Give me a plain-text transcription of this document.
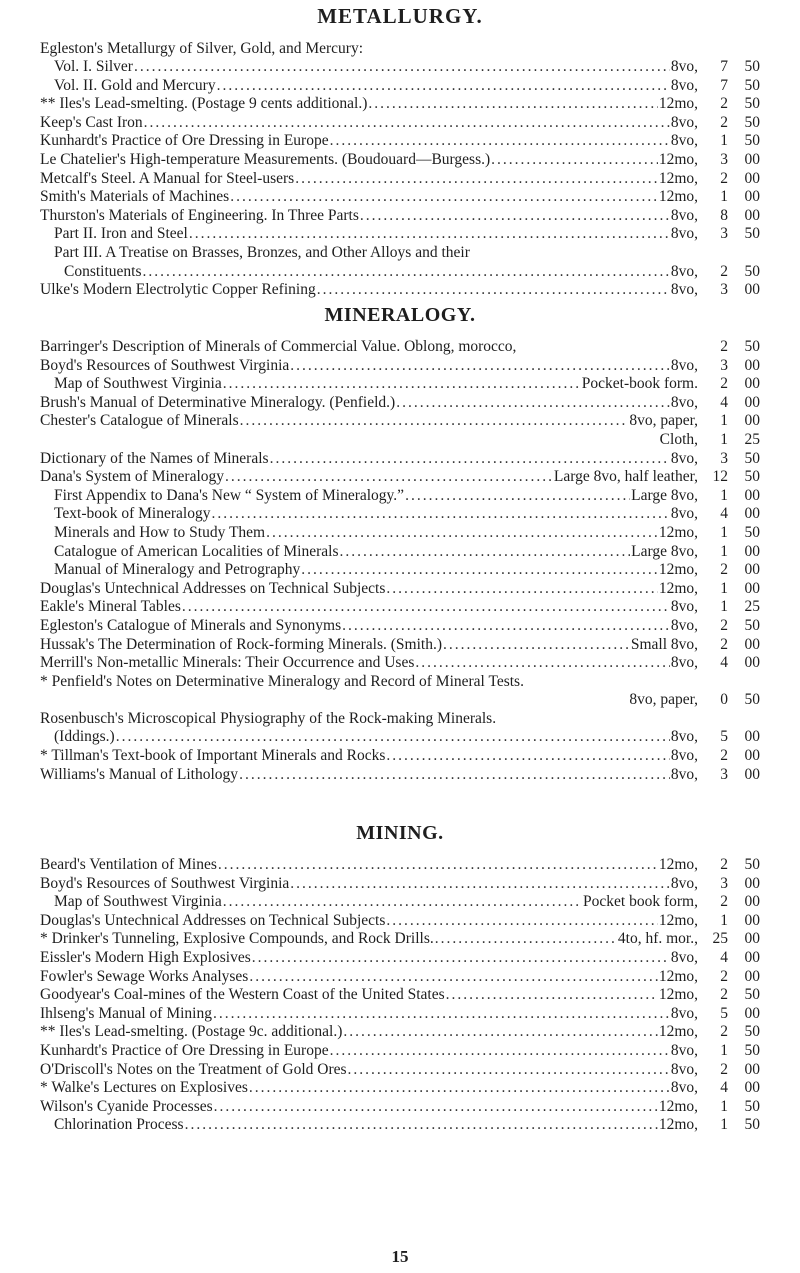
METALLURGY.
Egleston's Metallurgy of Silver, Gold, and Mercury:
Vol. I. Silver .....	8vo,	7 50
Vol. II. Gold and Mercury .....	8vo,	7 50
** Iles's Lead-smelting. (Postage 9 cents additional.) .....	12mo,	2 50
Keep's Cast Iron .....	8vo,	2 50
Kunhardt's Practice of Ore Dressing in Europe .....	8vo,	1 50
Le Chatelier's High-temperature Measurements. (Boudouard—Burgess.) .....	12mo,	3 00
Metcalf's Steel. A Manual for Steel-users .....	12mo,	2 00
Smith's Materials of Machines .....	12mo,	1 00
Thurston's Materials of Engineering. In Three Parts .....	8vo,	8 00
Part II. Iron and Steel .....	8vo,	3 50
Part III. A Treatise on Brasses, Bronzes, and Other Alloys and their
Constituents .....	8vo,	2 50
Ulke's Modern Electrolytic Copper Refining .....	8vo,	3 00
MINERALOGY.
Barringer's Description of Minerals of Commercial Value. Oblong, morocco,	2 50
Boyd's Resources of Southwest Virginia .....	8vo,	3 00
Map of Southwest Virginia .....	Pocket-book form.	2 00
Brush's Manual of Determinative Mineralogy. (Penfield.) .....	8vo,	4 00
Chester's Catalogue of Minerals .....	8vo, paper,	1 00
Cloth,	1 25
Dictionary of the Names of Minerals .....	8vo,	3 50
Dana's System of Mineralogy .....	Large 8vo, half leather, 12 50
First Appendix to Dana's New “ System of Mineralogy.” .....	Large 8vo,	1 00
Text-book of Mineralogy .....	8vo,	4 00
Minerals and How to Study Them .....	12mo,	1 50
Catalogue of American Localities of Minerals .....	Large 8vo,	1 00
Manual of Mineralogy and Petrography .....	12mo,	2 00
Douglas's Untechnical Addresses on Technical Subjects .....	12mo,	1 00
Eakle's Mineral Tables .....	8vo,	1 25
Egleston's Catalogue of Minerals and Synonyms .....	8vo,	2 50
Hussak's The Determination of Rock-forming Minerals. (Smith.) .....	Small 8vo,	2 00
Merrill's Non-metallic Minerals: Their Occurrence and Uses .....	8vo,	4 00
* Penfield's Notes on Determinative Mineralogy and Record of Mineral Tests.
8vo, paper,	0 50
Rosenbusch's Microscopical Physiography of the Rock-making Minerals.
(Iddings.) .....	8vo,	5 00
* Tillman's Text-book of Important Minerals and Rocks .....	8vo,	2 00
Williams's Manual of Lithology .....	8vo,	3 00
MINING.
Beard's Ventilation of Mines .....	12mo,	2 50
Boyd's Resources of Southwest Virginia .....	8vo,	3 00
Map of Southwest Virginia .....	Pocket book form,	2 00
Douglas's Untechnical Addresses on Technical Subjects .....	12mo,	1 00
* Drinker's Tunneling, Explosive Compounds, and Rock Drills. .....	4to, hf. mor., 25 00
Eissler's Modern High Explosives .....	8vo,	4 00
Fowler's Sewage Works Analyses .....	12mo,	2 00
Goodyear's Coal-mines of the Western Coast of the United States .....	12mo,	2 50
Ihlseng's Manual of Mining .....	8vo,	5 00
** Iles's Lead-smelting. (Postage 9c. additional.) .....	12mo,	2 50
Kunhardt's Practice of Ore Dressing in Europe .....	8vo,	1 50
O'Driscoll's Notes on the Treatment of Gold Ores .....	8vo,	2 00
* Walke's Lectures on Explosives .....	8vo,	4 00
Wilson's Cyanide Processes .....	12mo,	1 50
Chlorination Process .....	12mo,	1 50
15
